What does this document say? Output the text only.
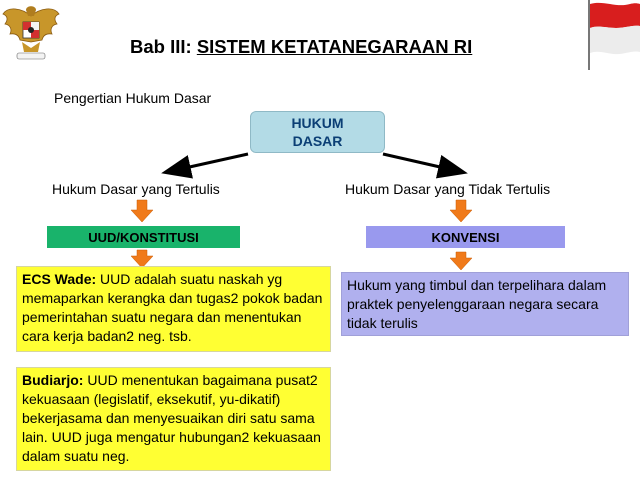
Bab III: SISTEM KETATANEGARAAN RI
Pengertian Hukum Dasar
HUKUM
DASAR
Hukum Dasar yang Tertulis	Hukum Dasar yang Tidak Tertulis
UUD/KONSTITUSI	KONVENSI
ECS Wade: UUD adalah suatu naskah yg memaparkan kerangka dan tugas2 pokok badan pemerintahan suatu negara dan menentukan cara kerja badan2 neg. tsb.
Budiarjo: UUD menentukan bagaimana pusat2 kekuasaan (legislatif, eksekutif, yu-dikatif) bekerjasama dan menyesuaikan diri satu sama lain. UUD juga mengatur hubungan2 kekuasaan dalam suatu neg.
Hukum yang timbul dan terpelihara dalam praktek penyelenggaraan negara secara tidak terulis
